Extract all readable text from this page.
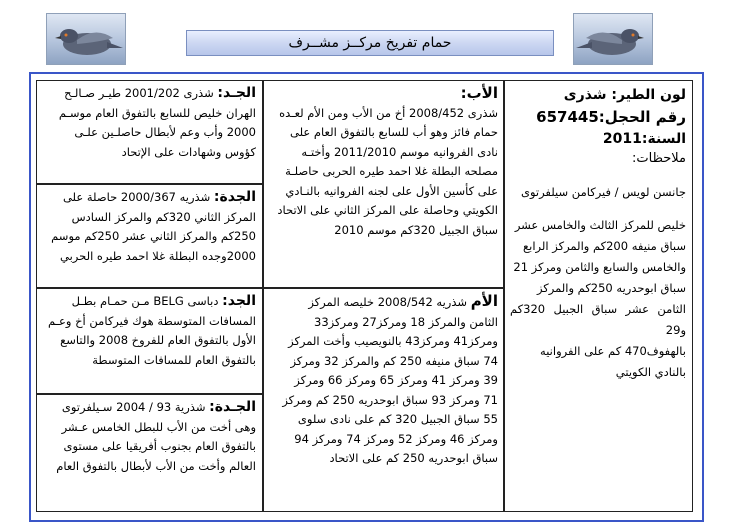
حمام تفريخ مركــز مشــرف
لون الطير: شذرى
رقم الحجل:657445
السنة:2011
ملاحظات:
جانسن لويس / فيركامن سيلفرتوى
خليص للمركز الثالث والخامس عشر
سباق منيفه 200كم والمركز الرابع
والخامس والسابع والثامن ومركز 21
سباق ابوحدريه 250كم والمركز
الثامن عشر سباق الجبيل 320كم و29
بالهفوف470 كم على الفروانيه
بالنادي الكويتي
الأب:
شذرى 2008/452 أخ من الأب ومن الأم لعـده
حمام فائز وهو أب للسابع بالتفوق العام على
نادى الفروانيه موسم 2011/2010 وأختـه
مصلحه البطلة غلا احمد طيره الحربى حاصلـة
على كأسين الأول على لجنه الفروانيه بالنـادي
الكويتي وحاصلة على المركز الثاني على الاتحاد
سباق الجبيل 320كم موسم 2010
الأم شذريه 2008/542 خليصه المركز
الثامن والمركز 18 ومركز27 ومركز33
ومركز41 ومركز43 بالنويصيب وأخت المركز
74 سباق منيفه 250 كم والمركز 32 ومركز
39 ومركز 41 ومركز 65 ومركز 66 ومركز
71 ومركز 93 سباق ابوحدريه 250 كم ومركز
55 سباق الجبيل 320 كم على نادى سلوى
ومركز 46 ومركز 52 ومركز 74 ومركز 94
سباق ابوحدريه 250 كم على الاتحاد
الجـد: شذرى 2001/202 طيـر صـالـح
الهران خليص للسابع بالتفوق العام موسـم
2000 وأب وعم لأبطال حاصلـين علـى
كؤوس وشهادات على الإتحاد
الجدة: شذريه 2000/367 حاصلة على
المركز الثاني 320كم والمركز السادس
250كم والمركز الثاني عشر 250كم موسم
2000وجده البطلة غلا احمد طيره الحربي
الجد: دباسى BELG مـن حمـام بطـل
المسافات المتوسطة هوك فيركامن أخ وعـم
الأول بالتفوق العام للفروخ 2008 والتاسع
بالتفوق العام للمسافات المتوسطة
الجـدة: شذرية 93 / 2004 سـيلفرتوى
وهى أخت من الأب للبطل الخامس عـشر
بالتفوق العام بجنوب أفريقيا على مستوى
العالم وأخت من الأب لأبطال بالتفوق العام
